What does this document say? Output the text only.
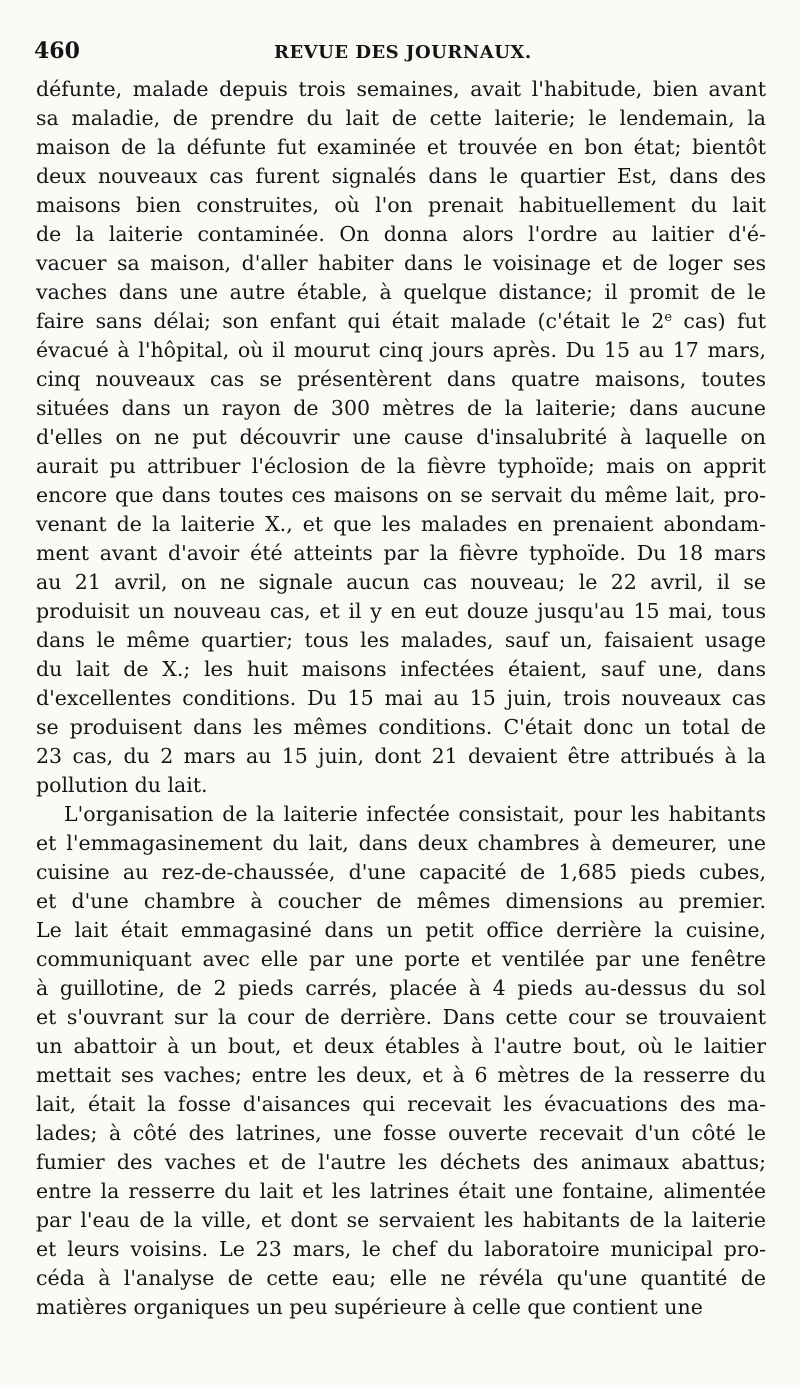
460	REVUE DES JOURNAUX.
défunte, malade depuis trois semaines, avait l'habitude, bien avant
sa maladie, de prendre du lait de cette laiterie; le lendemain, la
maison de la défunte fut examinée et trouvée en bon état; bientôt
deux nouveaux cas furent signalés dans le quartier Est, dans des
maisons bien construites, où l'on prenait habituellement du lait
de la laiterie contaminée. On donna alors l'ordre au laitier d'é-
vacuer sa maison, d'aller habiter dans le voisinage et de loger ses
vaches dans une autre étable, à quelque distance; il promit de le
faire sans délai; son enfant qui était malade (c'était le 2e cas) fut
évacué à l'hôpital, où il mourut cinq jours après. Du 15 au 17 mars,
cinq nouveaux cas se présentèrent dans quatre maisons, toutes
situées dans un rayon de 300 mètres de la laiterie; dans aucune
d'elles on ne put découvrir une cause d'insalubrité à laquelle on
aurait pu attribuer l'éclosion de la fièvre typhoïde; mais on apprit
encore que dans toutes ces maisons on se servait du même lait, pro-
venant de la laiterie X., et que les malades en prenaient abondam-
ment avant d'avoir été atteints par la fièvre typhoïde. Du 18 mars
au 21 avril, on ne signale aucun cas nouveau; le 22 avril, il se
produisit un nouveau cas, et il y en eut douze jusqu'au 15 mai, tous
dans le même quartier; tous les malades, sauf un, faisaient usage
du lait de X.; les huit maisons infectées étaient, sauf une, dans
d'excellentes conditions. Du 15 mai au 15 juin, trois nouveaux cas
se produisent dans les mêmes conditions. C'était donc un total de
23 cas, du 2 mars au 15 juin, dont 21 devaient être attribués à la
pollution du lait.
L'organisation de la laiterie infectée consistait, pour les habitants
et l'emmagasinement du lait, dans deux chambres à demeurer, une
cuisine au rez-de-chaussée, d'une capacité de 1,685 pieds cubes,
et d'une chambre à coucher de mêmes dimensions au premier.
Le lait était emmagasiné dans un petit office derrière la cuisine,
communiquant avec elle par une porte et ventilée par une fenêtre
à guillotine, de 2 pieds carrés, placée à 4 pieds au-dessus du sol
et s'ouvrant sur la cour de derrière. Dans cette cour se trouvaient
un abattoir à un bout, et deux étables à l'autre bout, où le laitier
mettait ses vaches; entre les deux, et à 6 mètres de la resserre du
lait, était la fosse d'aisances qui recevait les évacuations des ma-
lades; à côté des latrines, une fosse ouverte recevait d'un côté le
fumier des vaches et de l'autre les déchets des animaux abattus;
entre la resserre du lait et les latrines était une fontaine, alimentée
par l'eau de la ville, et dont se servaient les habitants de la laiterie
et leurs voisins. Le 23 mars, le chef du laboratoire municipal pro-
céda à l'analyse de cette eau; elle ne révéla qu'une quantité de
matières organiques un peu supérieure à celle que contient une
